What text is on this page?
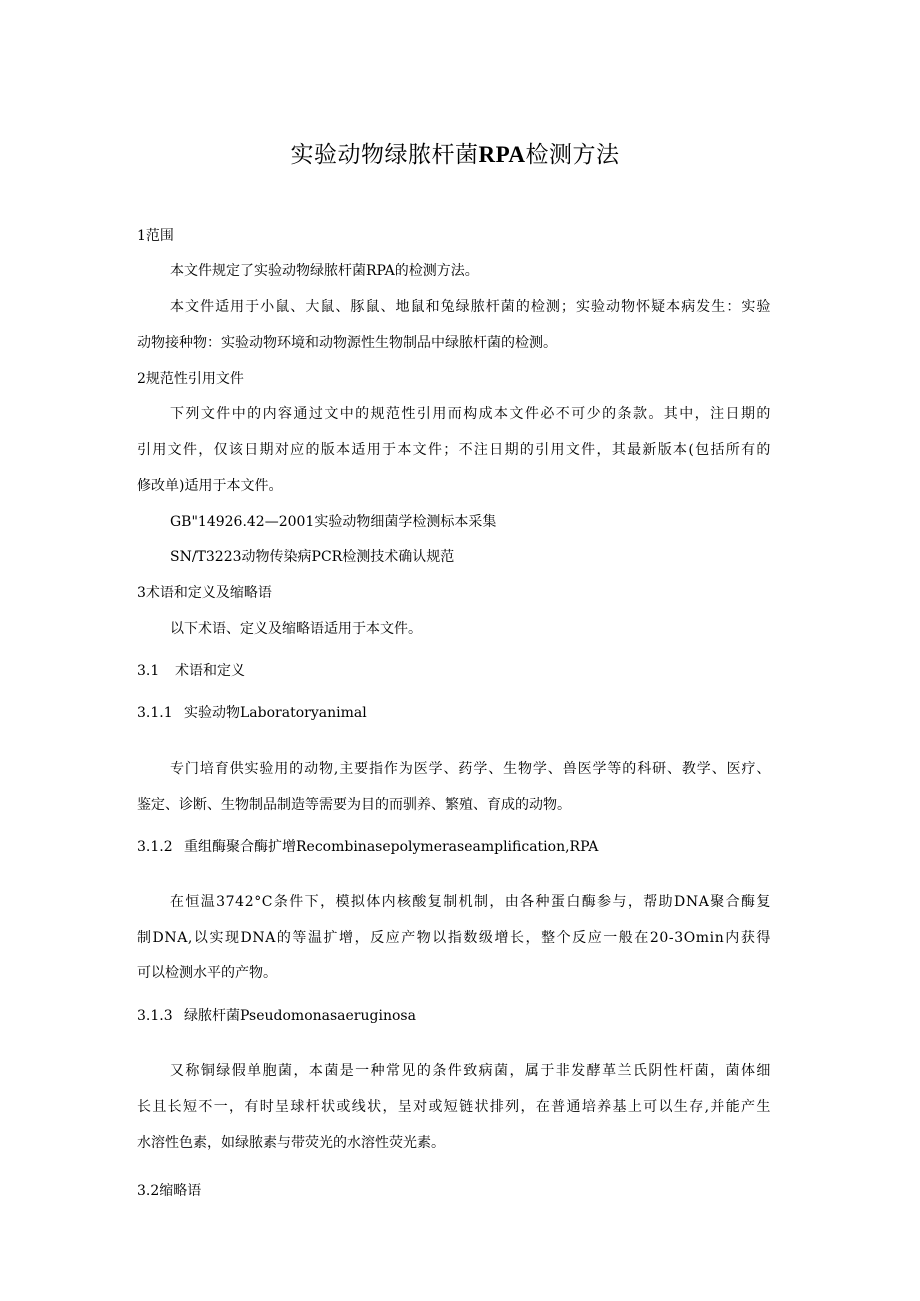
实验动物绿脓杆菌RPA检测方法
1范围
本文件规定了实验动物绿脓杆菌RPA的检测方法。
本文件适用于小鼠、大鼠、豚鼠、地鼠和兔绿脓杆菌的检测；实验动物怀疑本病发生：实验
动物接种物：实验动物环境和动物源性生物制品中绿脓杆菌的检测。
2规范性引用文件
下列文件中的内容通过文中的规范性引用而构成本文件必不可少的条款。其中，注日期的
引用文件，仅该日期对应的版本适用于本文件；不注日期的引用文件，其最新版本(包括所有的
修改单)适用于本文件。
GB"14926.42—2001实验动物细菌学检测标本采集
SN/T3223动物传染病PCR检测技术确认规范
3术语和定义及缩略语
以下术语、定义及缩略语适用于本文件。
3.1 术语和定义
3.1.1 实验动物Laboratoryanimal
专门培育供实验用的动物,主要指作为医学、药学、生物学、兽医学等的科研、教学、医疗、
鉴定、诊断、生物制品制造等需要为目的而驯养、繁殖、育成的动物。
3.1.2 重组酶聚合酶扩增Recombinasepolymeraseamplification,RPA
在恒温3742°C条件下，模拟体内核酸复制机制，由各种蛋白酶参与，帮助DNA聚合酶复
制DNA,以实现DNA的等温扩增，反应产物以指数级增长，整个反应一般在20-3Omin内获得
可以检测水平的产物。
3.1.3 绿脓杆菌Pseudomonasaeruginosa
又称铜绿假单胞菌，本菌是一种常见的条件致病菌，属于非发酵革兰氏阴性杆菌，菌体细
长且长短不一，有时呈球杆状或线状，呈对或短链状排列，在普通培养基上可以生存,并能产生
水溶性色素，如绿脓素与带荧光的水溶性荧光素。
3.2缩略语
